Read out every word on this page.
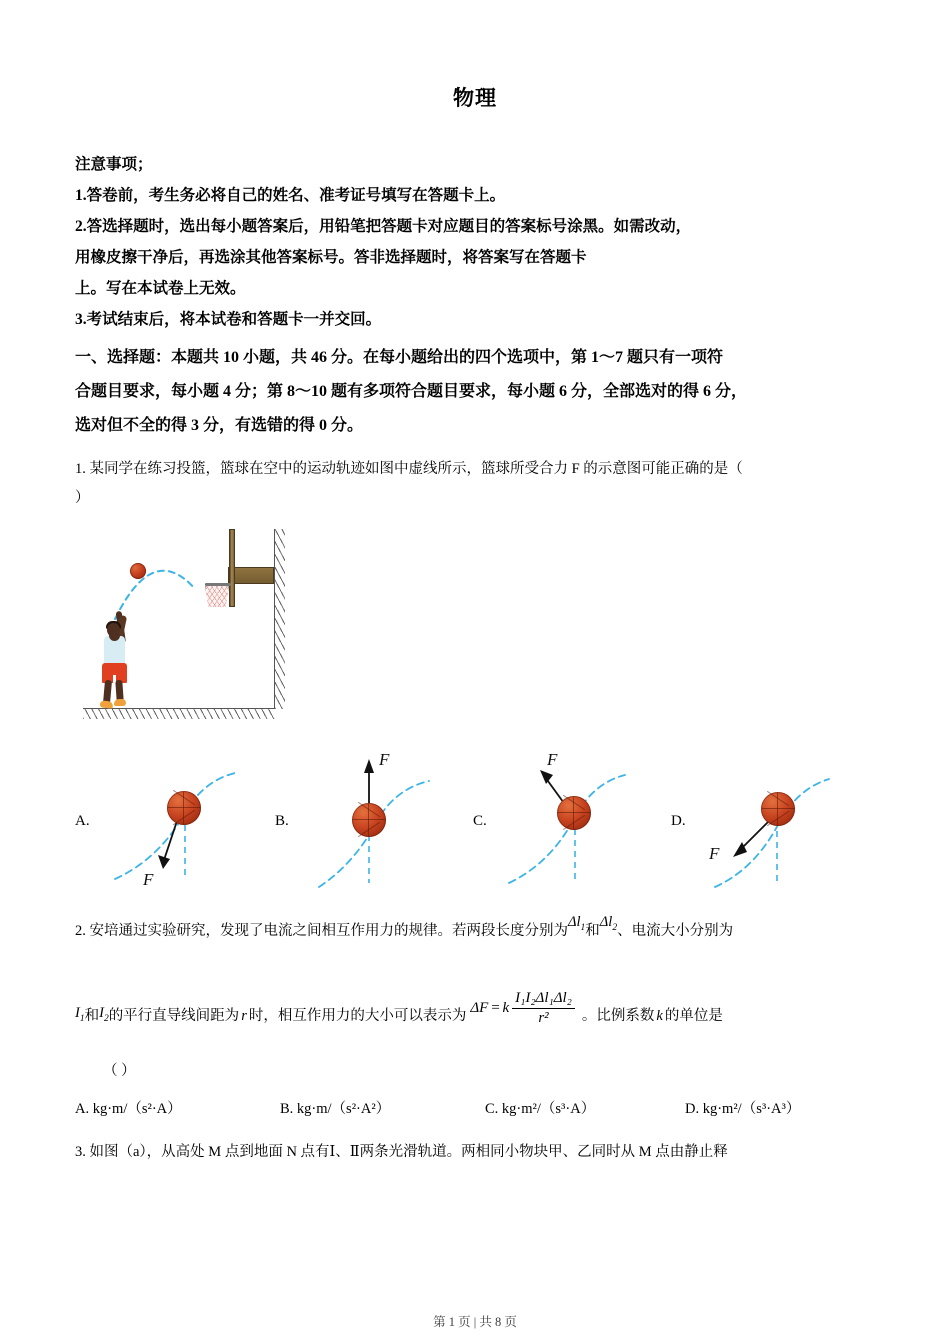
物理
注意事项；
1.答卷前，考生务必将自己的姓名、准考证号填写在答题卡上。
2.答选择题时，选出每小题答案后，用铅笔把答题卡对应题目的答案标号涂黑。如需改动，
用橡皮擦干净后，再选涂其他答案标号。答非选择题时，将答案写在答题卡
上。写在本试卷上无效。
3.考试结束后，将本试卷和答题卡一并交回。
一、选择题：本题共 10 小题，共 46 分。在每小题给出的四个选项中，第 1～7 题只有一项符
合题目要求，每小题 4 分；第 8～10 题有多项符合题目要求，每小题 6 分，全部选对的得 6 分，
选对但不全的得 3 分，有选错的得 0 分。
1. 某同学在练习投篮，篮球在空中的运动轨迹如图中虚线所示，篮球所受合力 F 的示意图可能正确的是（
）
A.
F
B.
F
C.
F
D.
F
2. 安培通过实验研究，发现了电流之间相互作用力的规律。若两段长度分别为$\Delta l_1$和$\Delta l_2$、电流大小分别为
$I_1$ 和 $I_2$ 的平行直导线间距为 r 时，相互作用力的大小可以表示为 ΔF = k $\frac{\text{I₁I₂Δl₁Δl₂}}{\text{r²}}$ 。比例系数 k 的单位是
（ ）
A. kg·m/（s²·A）	B. kg·m/（s²·A²）	C. kg·m²/（s³·A）	D. kg·m²/（s³·A³）
3. 如图（a），从高处 M 点到地面 N 点有Ⅰ、Ⅱ两条光滑轨道。两相同小物块甲、乙同时从 M 点由静止释
第 1 页 | 共 8 页
